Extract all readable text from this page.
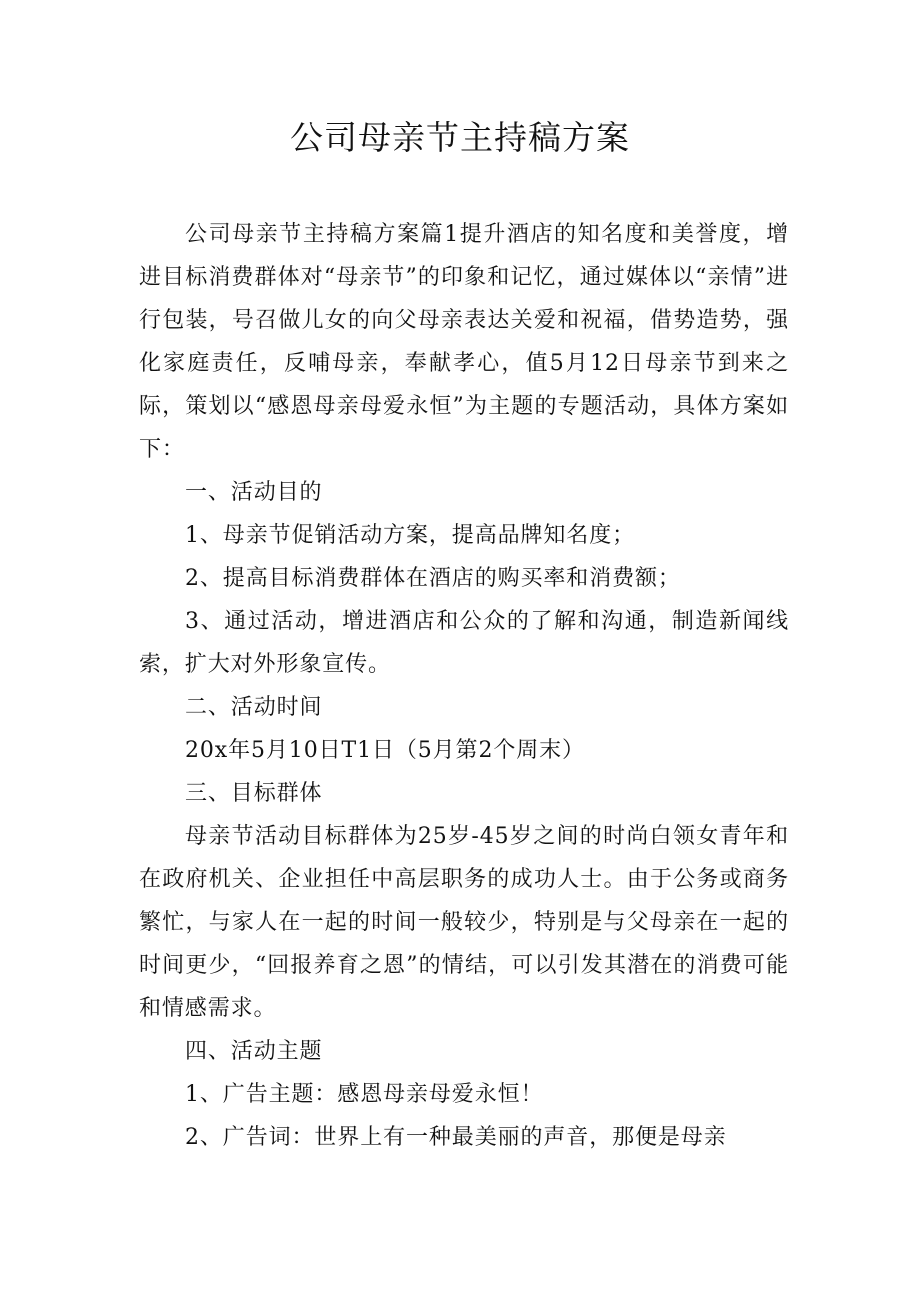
公司母亲节主持稿方案

公司母亲节主持稿方案篇1提升酒店的知名度和美誉度，增进目标消费群体对“母亲节”的印象和记忆，通过媒体以“亲情”进行包装，号召做儿女的向父母亲表达关爱和祝福，借势造势，强化家庭责任，反哺母亲，奉献孝心，值5月12日母亲节到来之际，策划以“感恩母亲母爱永恒”为主题的专题活动，具体方案如下：

一、活动目的

1、母亲节促销活动方案，提高品牌知名度；

2、提高目标消费群体在酒店的购买率和消费额；

3、通过活动，增进酒店和公众的了解和沟通，制造新闻线索，扩大对外形象宣传。

二、活动时间

20x年5月10日T1日（5月第2个周末）

三、目标群体

母亲节活动目标群体为25岁-45岁之间的时尚白领女青年和在政府机关、企业担任中高层职务的成功人士。由于公务或商务繁忙，与家人在一起的时间一般较少，特别是与父母亲在一起的时间更少，“回报养育之恩”的情结，可以引发其潜在的消费可能和情感需求。

四、活动主题

1、广告主题：感恩母亲母爱永恒！

2、广告词：世界上有一种最美丽的声音，那便是母亲
